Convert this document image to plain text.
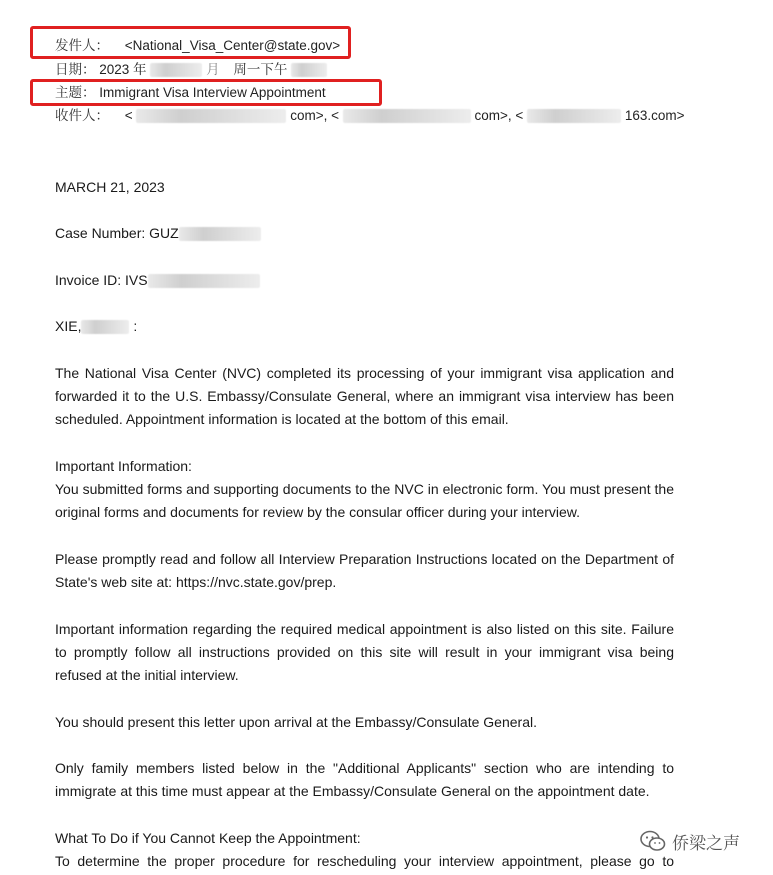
发件人： <National_Visa_Center@state.gov>
日期： 2023 年	月 周一下午
主题： Immigrant Visa Interview Appointment
收件人： <	com>, <	com>, <	163.com>
MARCH 21, 2023
Case Number: GUZ
Invoice ID: IVS
XIE,	:

The National Visa Center (NVC) completed its processing of your immigrant visa application and forwarded it to the U.S. Embassy/Consulate General, where an immigrant visa interview has been scheduled. Appointment information is located at the bottom of this email.

Important Information:

You submitted forms and supporting documents to the NVC in electronic form. You must present the original forms and documents for review by the consular officer during your interview.

Please promptly read and follow all Interview Preparation Instructions located on the Department of State's web site at: https://nvc.state.gov/prep.

Important information regarding the required medical appointment is also listed on this site. Failure to promptly follow all instructions provided on this site will result in your immigrant visa being refused at the initial interview.

You should present this letter upon arrival at the Embassy/Consulate General.

Only family members listed below in the "Additional Applicants" section who are intending to immigrate at this time must appear at the Embassy/Consulate General on the appointment date.

What To Do if You Cannot Keep the Appointment:
To determine the proper procedure for rescheduling your interview appointment, please go to
侨梁之声
